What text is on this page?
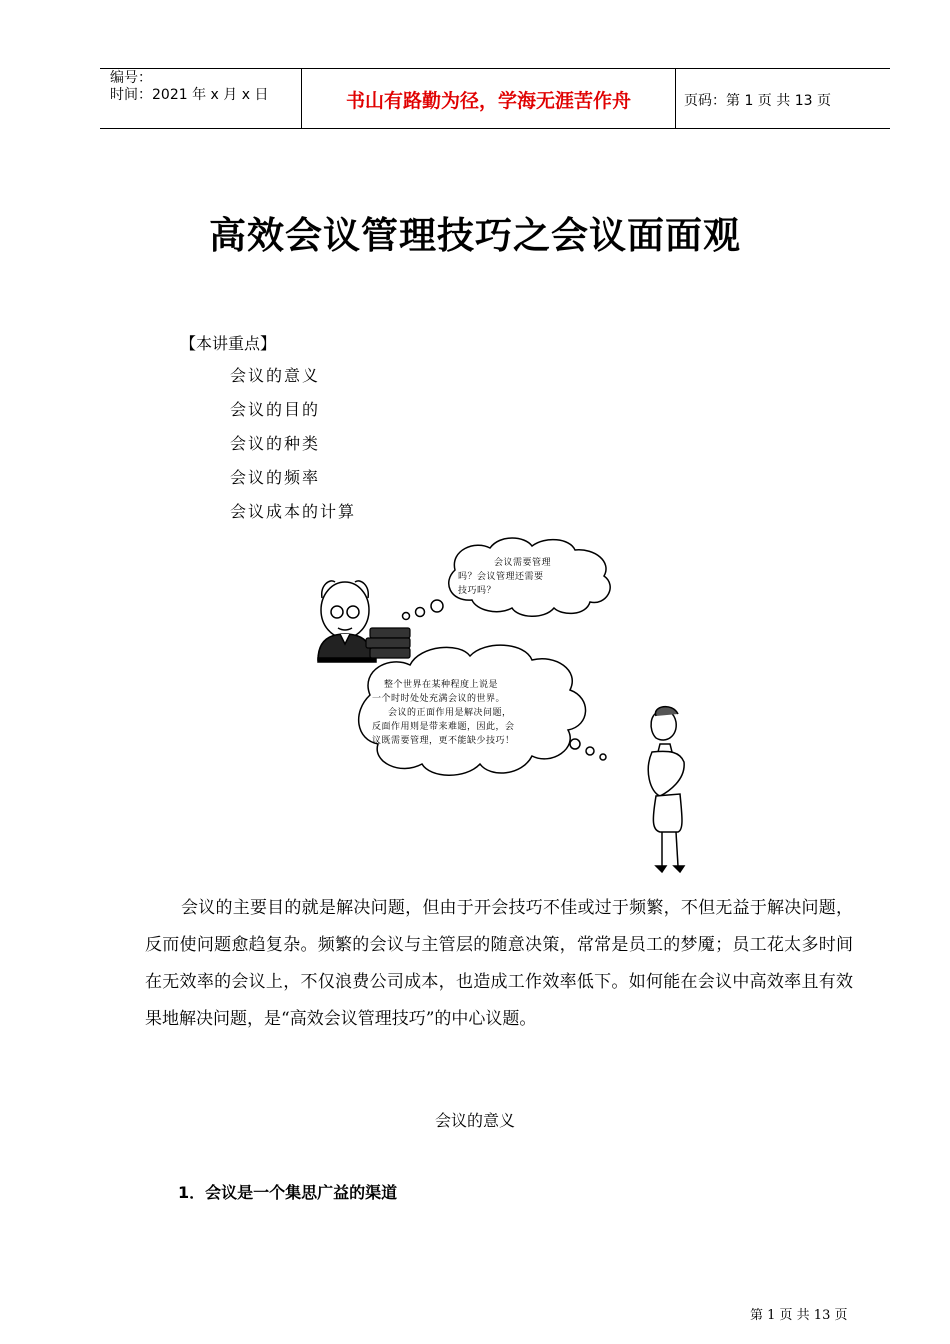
编号：
时间：2021 年 x 月 x 日	书山有路勤为径，学海无涯苦作舟	页码：第 1 页 共 13 页
高效会议管理技巧之会议面面观
【本讲重点】
会议的意义
会议的目的
会议的种类
会议的频率
会议成本的计算
会议需要管理
吗？会议管理还需要
技巧吗？
整个世界在某种程度上说是
一个时时处处充满会议的世界。
会议的正面作用是解决问题，
反面作用则是带来难题，因此，会
议既需要管理，更不能缺少技巧！

会议的主要目的就是解决问题，但由于开会技巧不佳或过于频繁，不但无益于解决问题，反而使问题愈趋复杂。频繁的会议与主管层的随意决策，常常是员工的梦魇；员工花太多时间在无效率的会议上，不仅浪费公司成本，也造成工作效率低下。如何能在会议中高效率且有效果地解决问题，是“高效会议管理技巧”的中心议题。

会议的意义
1．会议是一个集思广益的渠道
第 1 页 共 13 页
